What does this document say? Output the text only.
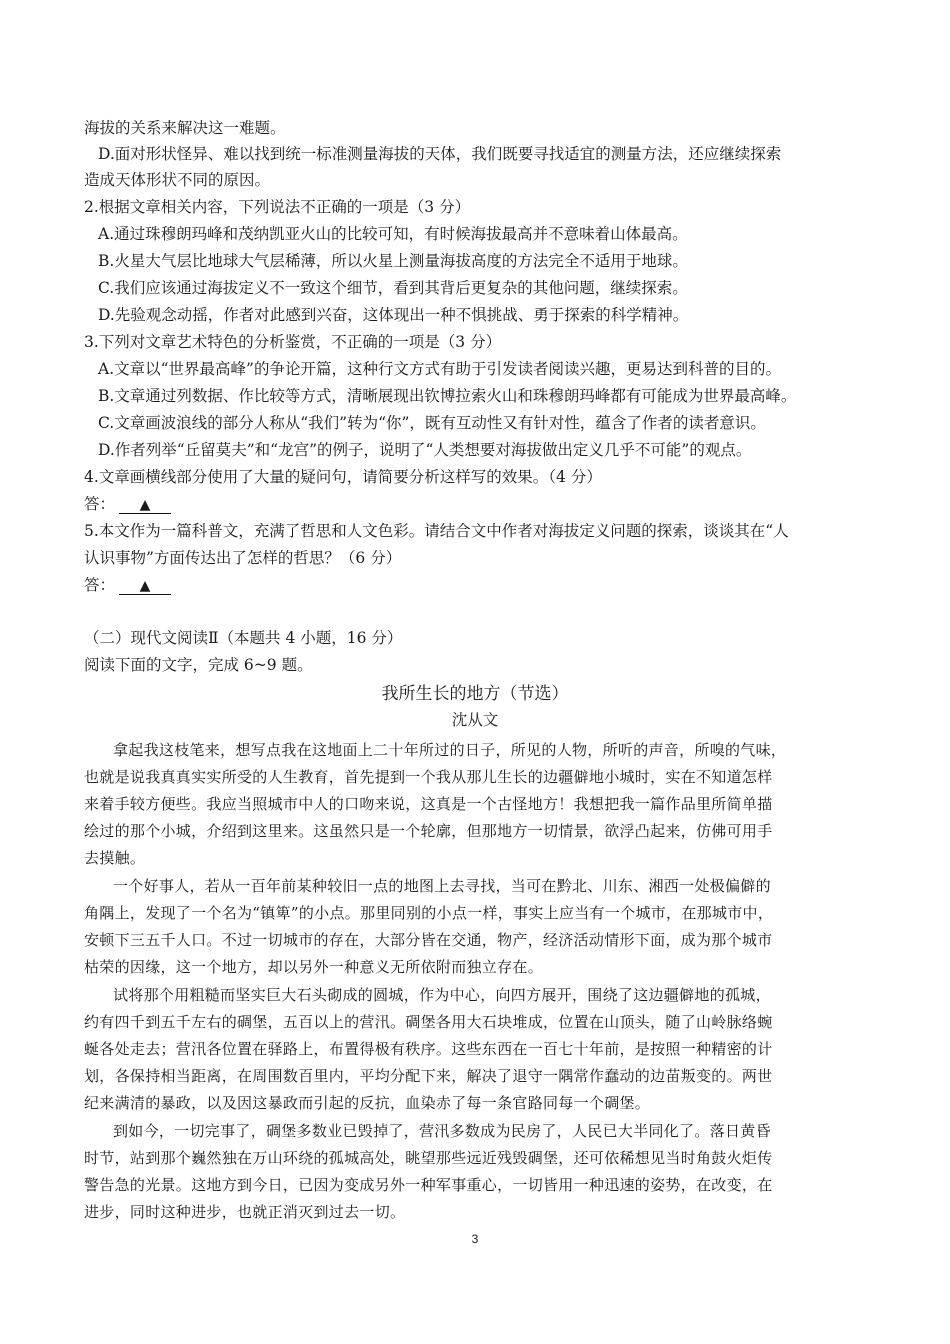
海拔的关系来解决这一难题。
D.面对形状怪异、难以找到统一标准测量海拔的天体，我们既要寻找适宜的测量方法，还应继续探索
造成天体形状不同的原因。
2.根据文章相关内容，下列说法不正确的一项是（3 分）
A.通过珠穆朗玛峰和茂纳凯亚火山的比较可知，有时候海拔最高并不意味着山体最高。
B.火星大气层比地球大气层稀薄，所以火星上测量海拔高度的方法完全不适用于地球。
C.我们应该通过海拔定义不一致这个细节，看到其背后更复杂的其他问题，继续探索。
D.先验观念动摇，作者对此感到兴奋，这体现出一种不惧挑战、勇于探索的科学精神。
3.下列对文章艺术特色的分析鉴赏，不正确的一项是（3 分）
A.文章以“世界最高峰”的争论开篇，这种行文方式有助于引发读者阅读兴趣，更易达到科普的目的。
B.文章通过列数据、作比较等方式，清晰展现出钦博拉索火山和珠穆朗玛峰都有可能成为世界最高峰。
C.文章画波浪线的部分人称从“我们”转为“你”，既有互动性又有针对性，蕴含了作者的读者意识。
D.作者列举“丘留莫夫”和“龙宫”的例子，说明了“人类想要对海拔做出定义几乎不可能”的观点。
4.文章画横线部分使用了大量的疑问句，请简要分析这样写的效果。（4 分）
答： ▲
5.本文作为一篇科普文，充满了哲思和人文色彩。请结合文中作者对海拔定义问题的探索，谈谈其在“人
认识事物”方面传达出了怎样的哲思？（6 分）
答： ▲
（二）现代文阅读Ⅱ（本题共 4 小题，16 分）
阅读下面的文字，完成 6~9 题。
我所生长的地方（节选）
沈从文
拿起我这枝笔来，想写点我在这地面上二十年所过的日子，所见的人物，所听的声音，所嗅的气味，
也就是说我真真实实所受的人生教育，首先提到一个我从那儿生长的边疆僻地小城时，实在不知道怎样
来着手较方便些。我应当照城市中人的口吻来说，这真是一个古怪地方！我想把我一篇作品里所简单描
绘过的那个小城，介绍到这里来。这虽然只是一个轮廓，但那地方一切情景，欲浮凸起来，仿佛可用手
去摸触。
一个好事人，若从一百年前某种较旧一点的地图上去寻找，当可在黔北、川东、湘西一处极偏僻的
角隅上，发现了一个名为“镇箄”的小点。那里同别的小点一样，事实上应当有一个城市，在那城市中，
安顿下三五千人口。不过一切城市的存在，大部分皆在交通，物产，经济活动情形下面，成为那个城市
枯荣的因缘，这一个地方，却以另外一种意义无所依附而独立存在。
试将那个用粗糙而坚实巨大石头砌成的圆城，作为中心，向四方展开，围绕了这边疆僻地的孤城，
约有四千到五千左右的碉堡，五百以上的营汛。碉堡各用大石块堆成，位置在山顶头，随了山岭脉络蜿
蜒各处走去；营汛各位置在驿路上，布置得极有秩序。这些东西在一百七十年前，是按照一种精密的计
划，各保持相当距离，在周围数百里内，平均分配下来，解决了退守一隅常作蠢动的边苗叛变的。两世
纪来满清的暴政，以及因这暴政而引起的反抗，血染赤了每一条官路同每一个碉堡。
到如今，一切完事了，碉堡多数业已毁掉了，营汛多数成为民房了，人民已大半同化了。落日黄昏
时节，站到那个巍然独在万山环绕的孤城高处，眺望那些远近残毁碉堡，还可依稀想见当时角鼓火炬传
警告急的光景。这地方到今日，已因为变成另外一种军事重心，一切皆用一种迅速的姿势，在改变，在
进步，同时这种进步，也就正消灭到过去一切。
3
